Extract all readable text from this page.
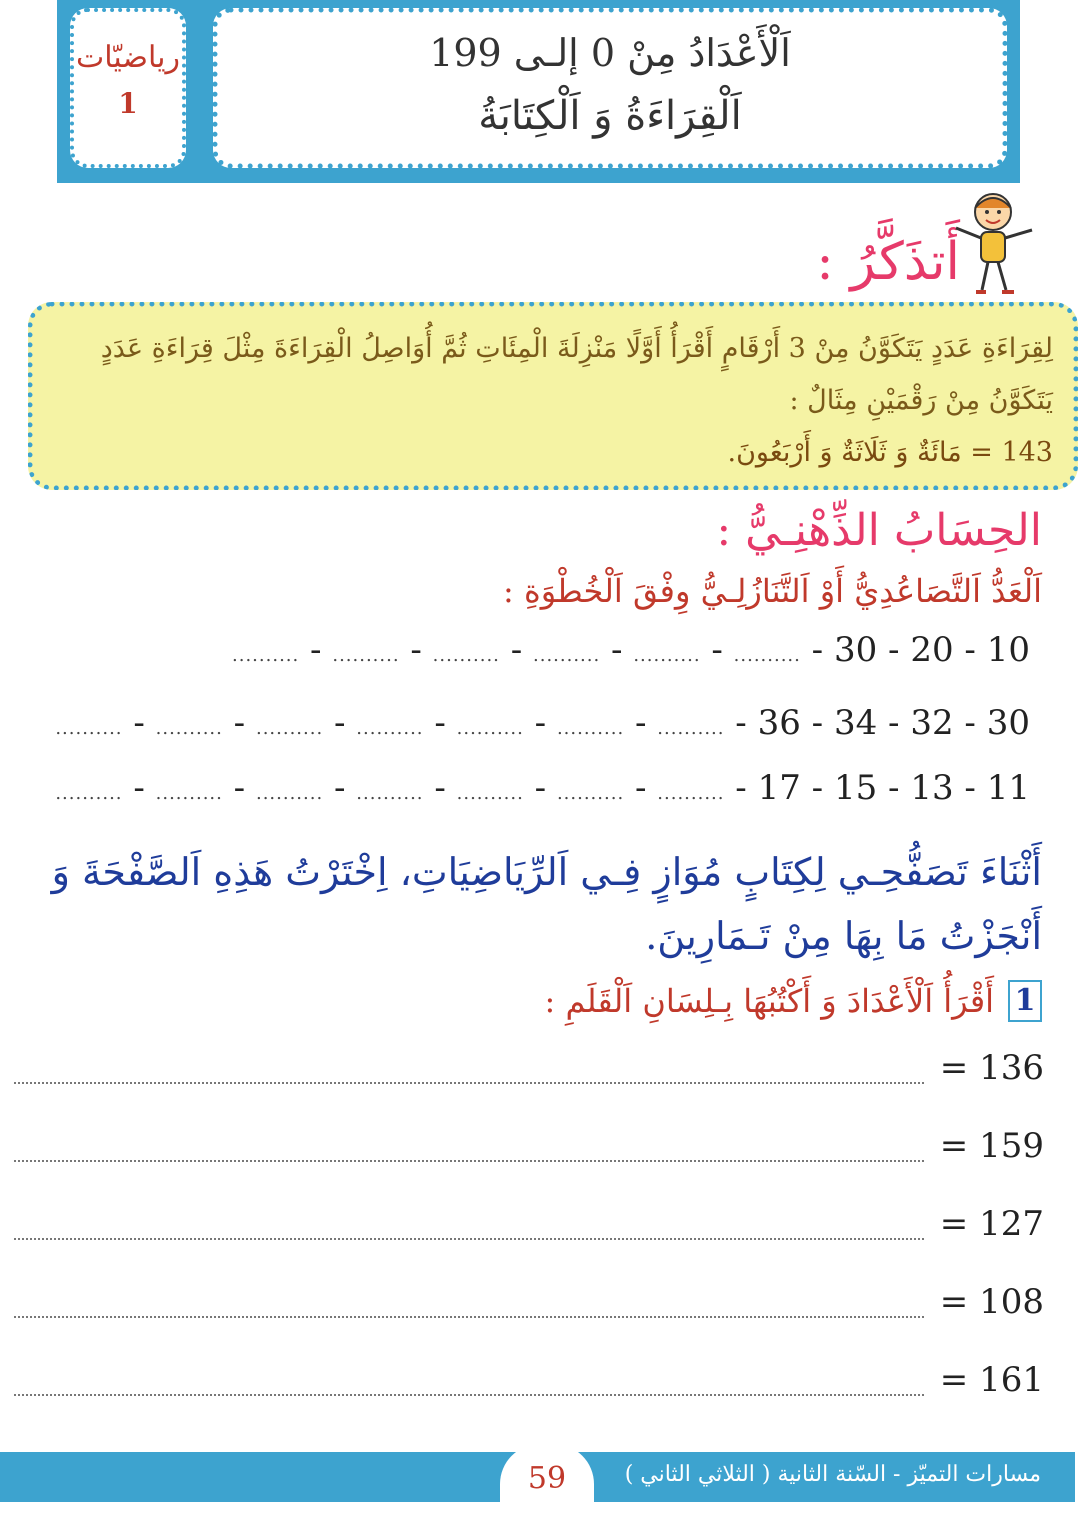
رياضيّات
1
اَلْأَعْدَادُ مِنْ 0 إلـى 199
اَلْقِرَاءَةُ وَ اَلْكِتَابَةُ
أَتذَكَّرُ :
لِقِرَاءَةِ عَدَدٍ يَتَكَوَّنُ مِنْ 3 أَرْقَامٍ أَقْرَأُ أَوَّلًا مَنْزِلَةَ الْمِئَاتِ ثُمَّ أُوَاصِلُ الْقِرَاءَةَ مِثْلَ قِرَاءَةِ عَدَدٍ يَتَكَوَّنُ مِنْ رَقْمَيْنِ مِثَالٌ :
143 = مَائَةٌ وَ ثَلَاثَةٌ وَ أَرْبَعُونَ.
الحِسَابُ الذِّهْنِـيُّ :
اَلْعَدُّ اَلتَّصَاعُدِيُّ أَوْ اَلتَّنَازُلِـيُّ وِفْقَ اَلْخُطْوَةِ :
.......... - .......... - .......... - .......... - .......... - .......... - 30 - 20 - 10
.......... - .......... - .......... - .......... - .......... - .......... - .......... - 36 - 34 - 32 - 30
.......... - .......... - .......... - .......... - .......... - .......... - .......... - 17 - 15 - 13 - 11
أَثْنَاءَ تَصَفُّحِـي لِكِتَابٍ مُوَازٍ فِـي اَلرِّيَاضِيَاتِ، اِخْتَرْتُ هَذِهِ اَلصَّفْحَةَ وَ أَنْجَزْتُ مَا بِهَا مِنْ تَـمَارِينَ.
1
أَقْرَأُ اَلْأَعْدَادَ وَ أَكْتُبُهَا بِـلِسَانِ اَلْقَلَمِ :
= 136
= 159
= 127
= 108
= 161
مسارات التميّز - السّنة الثانية ( الثلاثي الثاني )
59
